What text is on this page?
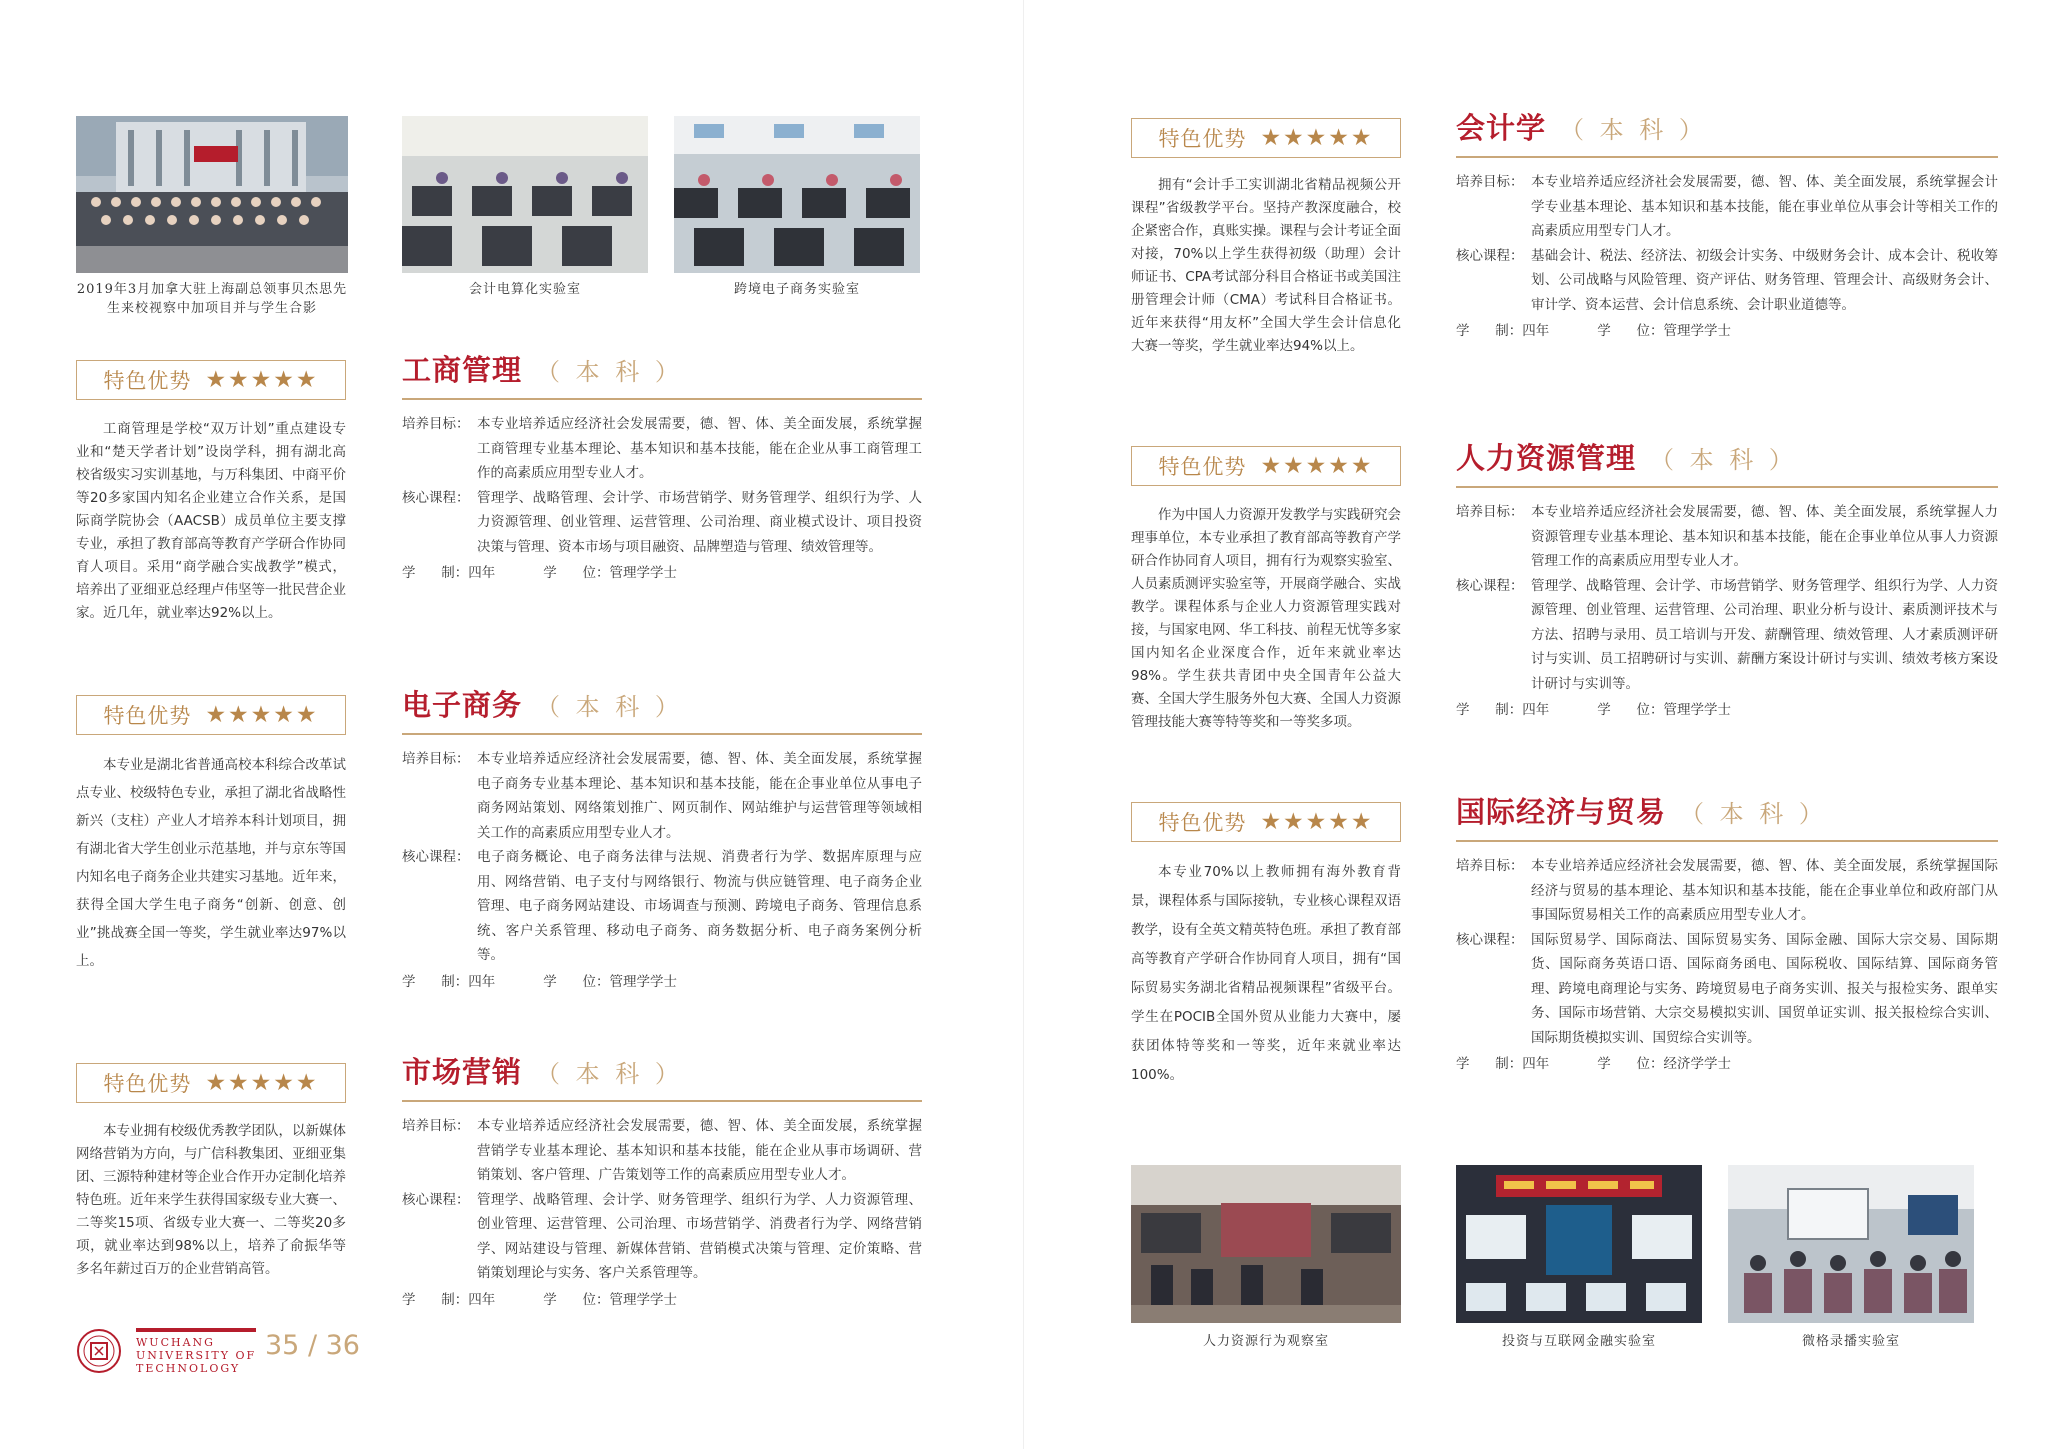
2019年3月加拿大驻上海副总领事贝杰思先生来校视察中加项目并与学生合影
会计电算化实验室	跨境电子商务实验室
特色优势 ★★★★★
工商管理是学校“双万计划”重点建设专业和“楚天学者计划”设岗学科，拥有湖北高校省级实习实训基地，与万科集团、中商平价等20多家国内知名企业建立合作关系，是国际商学院协会（AACSB）成员单位主要支撑专业，承担了教育部高等教育产学研合作协同育人项目。采用“商学融合实战教学”模式，培养出了亚细亚总经理卢伟坚等一批民营企业家。近几年，就业率达92%以上。
特色优势 ★★★★★
本专业是湖北省普通高校本科综合改革试点专业、校级特色专业，承担了湖北省战略性新兴（支柱）产业人才培养本科计划项目，拥有湖北省大学生创业示范基地，并与京东等国内知名电子商务企业共建实习基地。近年来，获得全国大学生电子商务“创新、创意、创业”挑战赛全国一等奖，学生就业率达97%以上。
特色优势 ★★★★★
本专业拥有校级优秀教学团队，以新媒体网络营销为方向，与广信科教集团、亚细亚集团、三源特种建材等企业合作开办定制化培养特色班。近年来学生获得国家级专业大赛一、二等奖15项、省级专业大赛一、二等奖20多项，就业率达到98%以上，培养了俞振华等多名年薪过百万的企业营销高管。
工商管理 （ 本 科 ）
培养目标： 本专业培养适应经济社会发展需要，德、智、体、美全面发展，系统掌握工商管理专业基本理论、基本知识和基本技能，能在企业从事工商管理工作的高素质应用型专业人才。
核心课程： 管理学、战略管理、会计学、市场营销学、财务管理学、组织行为学、人力资源管理、创业管理、运营管理、公司治理、商业模式设计、项目投资决策与管理、资本市场与项目融资、品牌塑造与管理、绩效管理等。
学      制： 四年	学      位： 管理学学士
电子商务 （ 本 科 ）
培养目标： 本专业培养适应经济社会发展需要，德、智、体、美全面发展，系统掌握电子商务专业基本理论、基本知识和基本技能，能在企事业单位从事电子商务网站策划、网络策划推广、网页制作、网站维护与运营管理等领域相关工作的高素质应用型专业人才。
核心课程： 电子商务概论、电子商务法律与法规、消费者行为学、数据库原理与应用、网络营销、电子支付与网络银行、物流与供应链管理、电子商务企业管理、电子商务网站建设、市场调查与预测、跨境电子商务、管理信息系统、客户关系管理、移动电子商务、商务数据分析、电子商务案例分析等。
学      制： 四年	学      位： 管理学学士
市场营销 （ 本 科 ）
培养目标： 本专业培养适应经济社会发展需要，德、智、体、美全面发展，系统掌握营销学专业基本理论、基本知识和基本技能，能在企业从事市场调研、营销策划、客户管理、广告策划等工作的高素质应用型专业人才。
核心课程： 管理学、战略管理、会计学、财务管理学、组织行为学、人力资源管理、创业管理、运营管理、公司治理、市场营销学、消费者行为学、网络营销学、网站建设与管理、新媒体营销、营销模式决策与管理、定价策略、营销策划理论与实务、客户关系管理等。
学      制： 四年	学      位： 管理学学士
WUCHANG
UNIVERSITY OF
TECHNOLOGY
35 / 36
特色优势 ★★★★★
拥有“会计手工实训湖北省精品视频公开课程”省级教学平台。坚持产教深度融合，校企紧密合作，真账实操。课程与会计考证全面对接，70%以上学生获得初级（助理）会计师证书、CPA考试部分科目合格证书或美国注册管理会计师（CMA）考试科目合格证书。近年来获得“用友杯”全国大学生会计信息化大赛一等奖，学生就业率达94%以上。
特色优势 ★★★★★
作为中国人力资源开发教学与实践研究会理事单位，本专业承担了教育部高等教育产学研合作协同育人项目，拥有行为观察实验室、人员素质测评实验室等，开展商学融合、实战教学。课程体系与企业人力资源管理实践对接，与国家电网、华工科技、前程无忧等多家国内知名企业深度合作，近年来就业率达98%。学生获共青团中央全国青年公益大赛、全国大学生服务外包大赛、全国人力资源管理技能大赛等特等奖和一等奖多项。
特色优势 ★★★★★
本专业70%以上教师拥有海外教育背景，课程体系与国际接轨，专业核心课程双语教学，设有全英文精英特色班。承担了教育部高等教育产学研合作协同育人项目，拥有“国际贸易实务湖北省精品视频课程”省级平台。学生在POCIB全国外贸从业能力大赛中，屡获团体特等奖和一等奖，近年来就业率达100%。
会计学 （ 本 科 ）
培养目标： 本专业培养适应经济社会发展需要，德、智、体、美全面发展，系统掌握会计学专业基本理论、基本知识和基本技能，能在事业单位从事会计等相关工作的高素质应用型专门人才。
核心课程： 基础会计、税法、经济法、初级会计实务、中级财务会计、成本会计、税收筹划、公司战略与风险管理、资产评估、财务管理、管理会计、高级财务会计、审计学、资本运营、会计信息系统、会计职业道德等。
学      制： 四年	学      位： 管理学学士
人力资源管理 （ 本 科 ）
培养目标： 本专业培养适应经济社会发展需要，德、智、体、美全面发展，系统掌握人力资源管理专业基本理论、基本知识和基本技能，能在企事业单位从事人力资源管理工作的高素质应用型专业人才。
核心课程： 管理学、战略管理、会计学、市场营销学、财务管理学、组织行为学、人力资源管理、创业管理、运营管理、公司治理、职业分析与设计、素质测评技术与方法、招聘与录用、员工培训与开发、薪酬管理、绩效管理、人才素质测评研讨与实训、员工招聘研讨与实训、薪酬方案设计研讨与实训、绩效考核方案设计研讨与实训等。
学      制： 四年	学      位： 管理学学士
国际经济与贸易 （ 本 科 ）
培养目标： 本专业培养适应经济社会发展需要，德、智、体、美全面发展，系统掌握国际经济与贸易的基本理论、基本知识和基本技能，能在企事业单位和政府部门从事国际贸易相关工作的高素质应用型专业人才。
核心课程： 国际贸易学、国际商法、国际贸易实务、国际金融、国际大宗交易、国际期货、国际商务英语口语、国际商务函电、国际税收、国际结算、国际商务管理、跨境电商理论与实务、跨境贸易电子商务实训、报关与报检实务、跟单实务、国际市场营销、大宗交易模拟实训、国贸单证实训、报关报检综合实训、国际期货模拟实训、国贸综合实训等。
学      制： 四年	学      位： 经济学学士
人力资源行为观察室	投资与互联网金融实验室	微格录播实验室
